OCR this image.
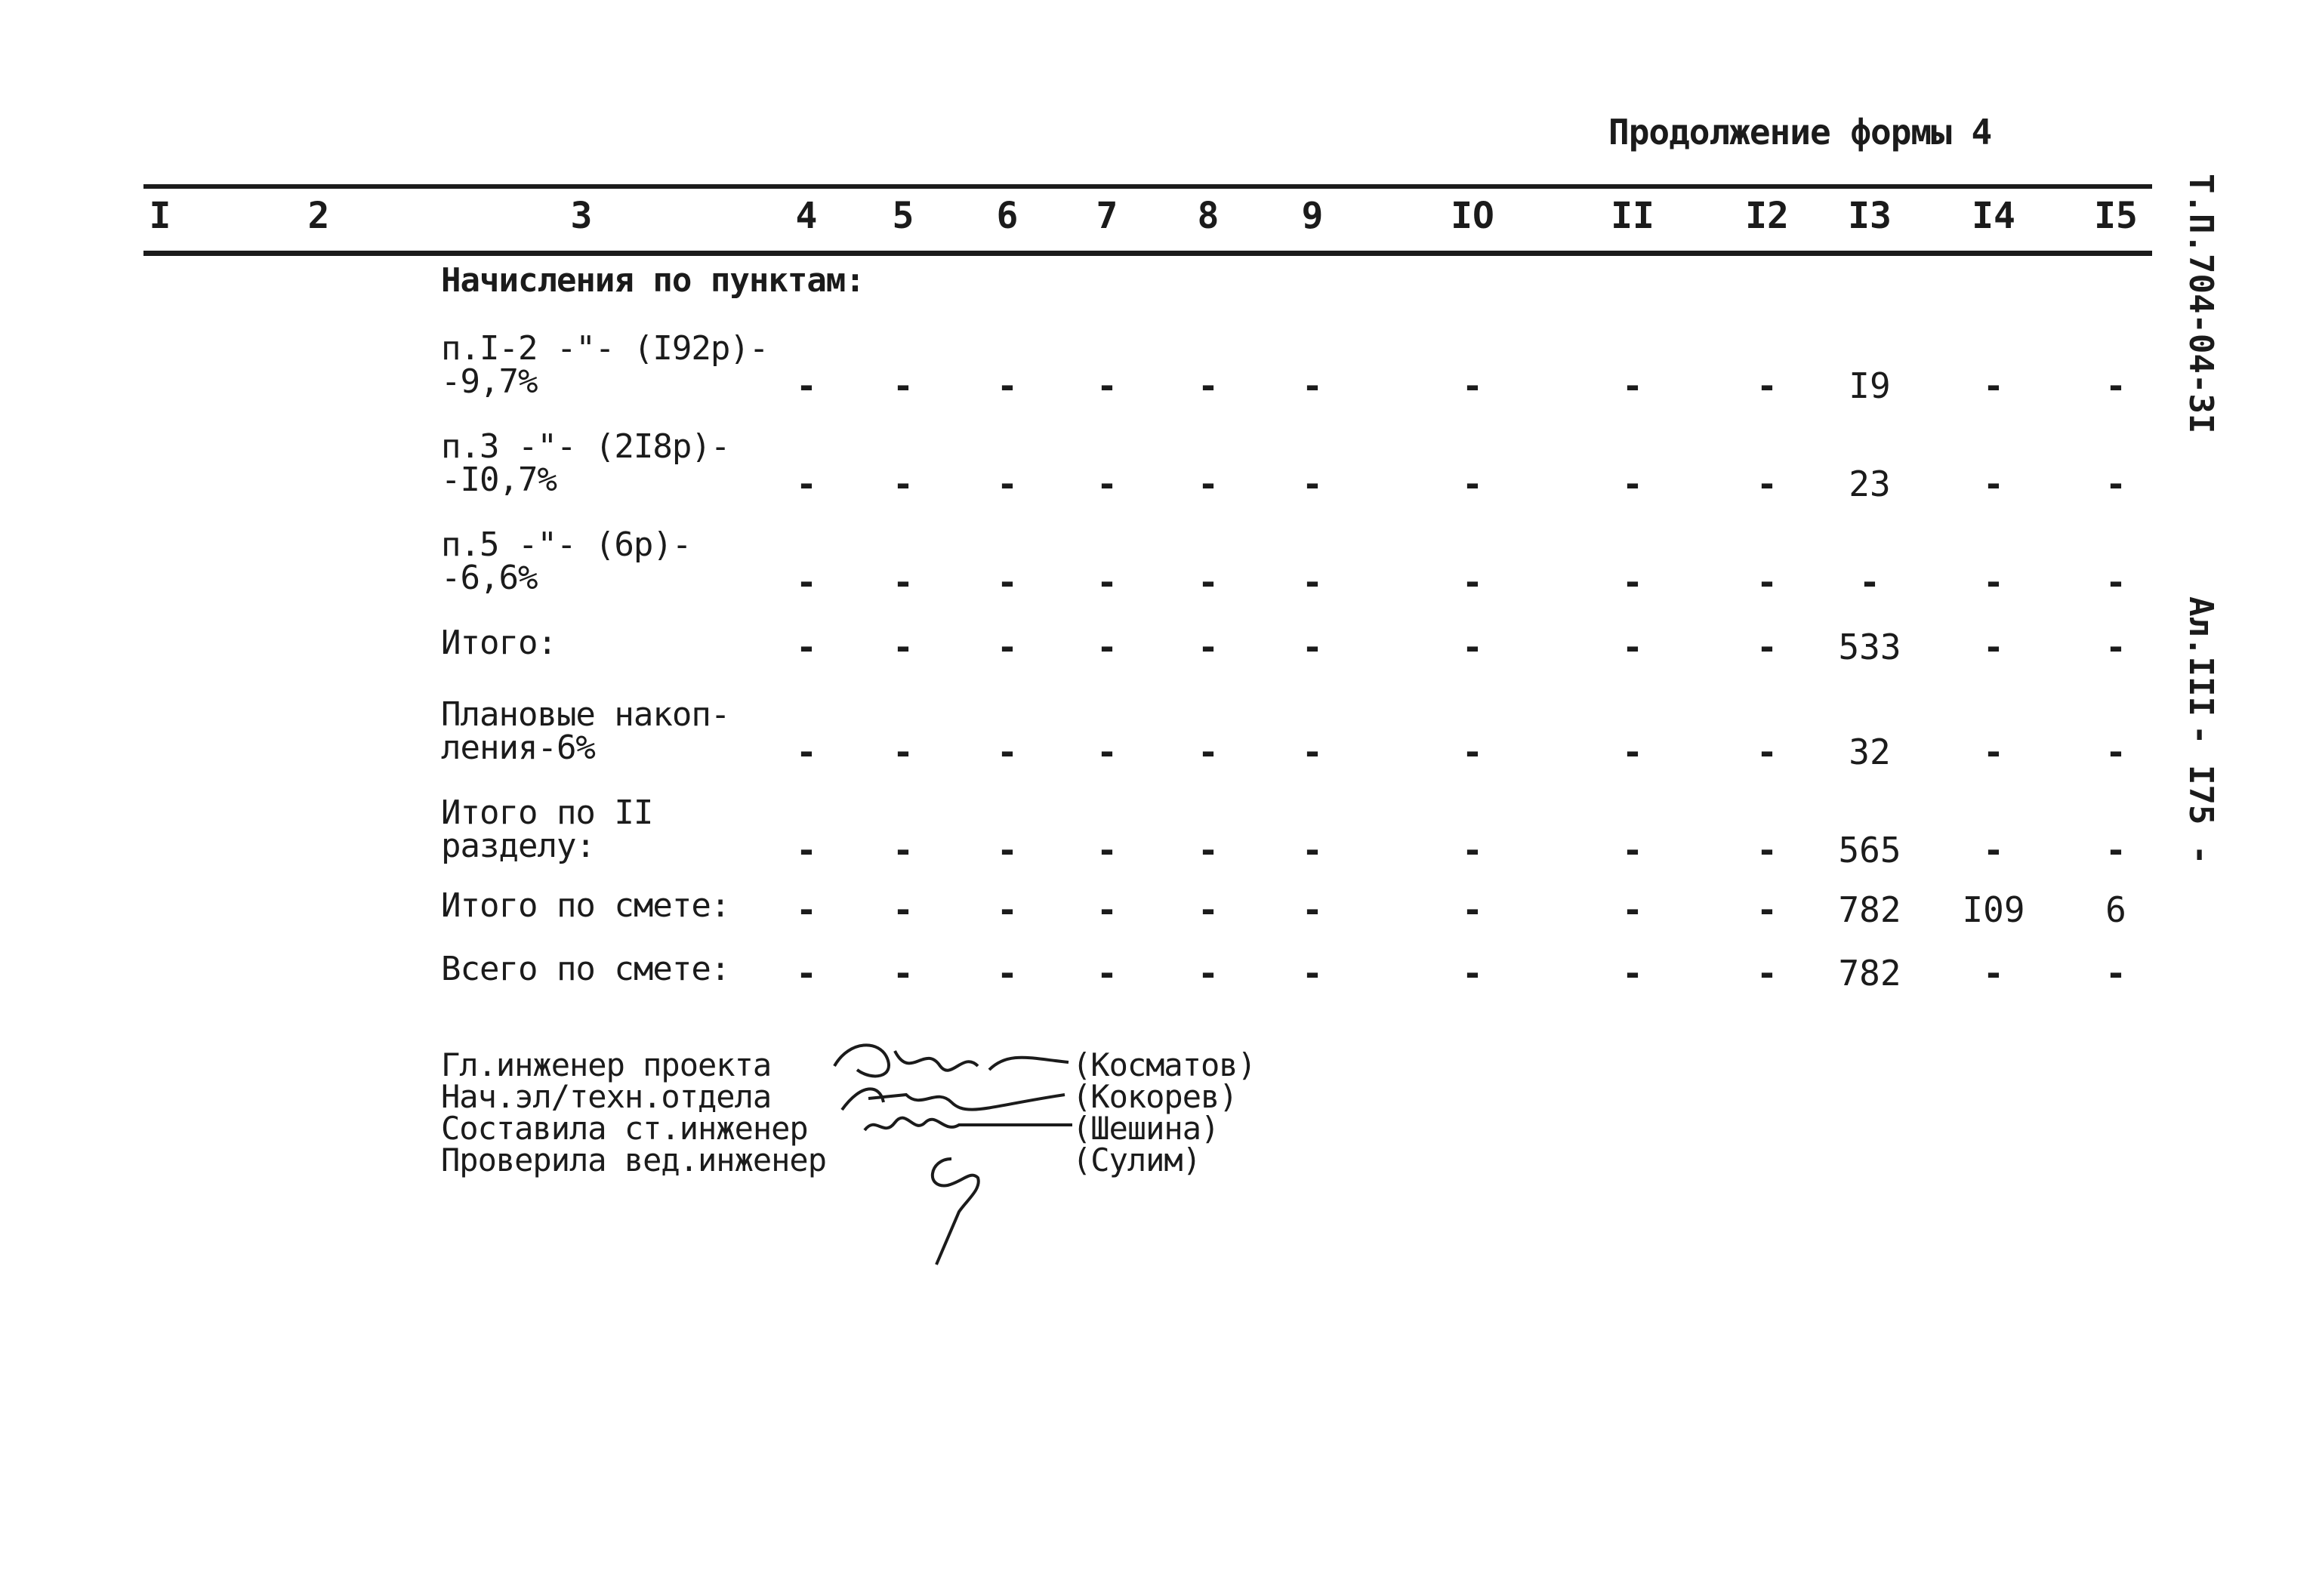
Продолжение формы 4
I	2	3	4 5 6 7 8 9	IO	II	I2 I3 I4 I5
Начисления по пунктам:
п.I-2 -"- (I92р)-
-9,7%	- - - - - -	-	-	- I9	-	-
п.3 -"- (2I8р)-
-I0,7%	- - - - - -	-	-	- 23	-	-
п.5 -"- (6р)-
-6,6%	- - - - - -	-	-	- -	-	-
Итого:	- - - - - -	-	-	- 533 -	-
Плановые накоп-
ления-6%	- - - - - -	-	-	- 32	-	-
Итого по II
разделу:	- - - - - -	-	-	- 565 -	-
Итого по смете: - - - - - -	-	-	- 782 I09 6
Всего по смете: - - - - - -	-	-	- 782 -	-
Гл.инженер проекта
Нач.эл/техн.отдела
Составила ст.инженер
Проверила вед.инженер
(Косматов)
(Кокорев)
(Шешина)
(Сулим)
Т.П.704-04-3I
Ал.III
- I75 -
